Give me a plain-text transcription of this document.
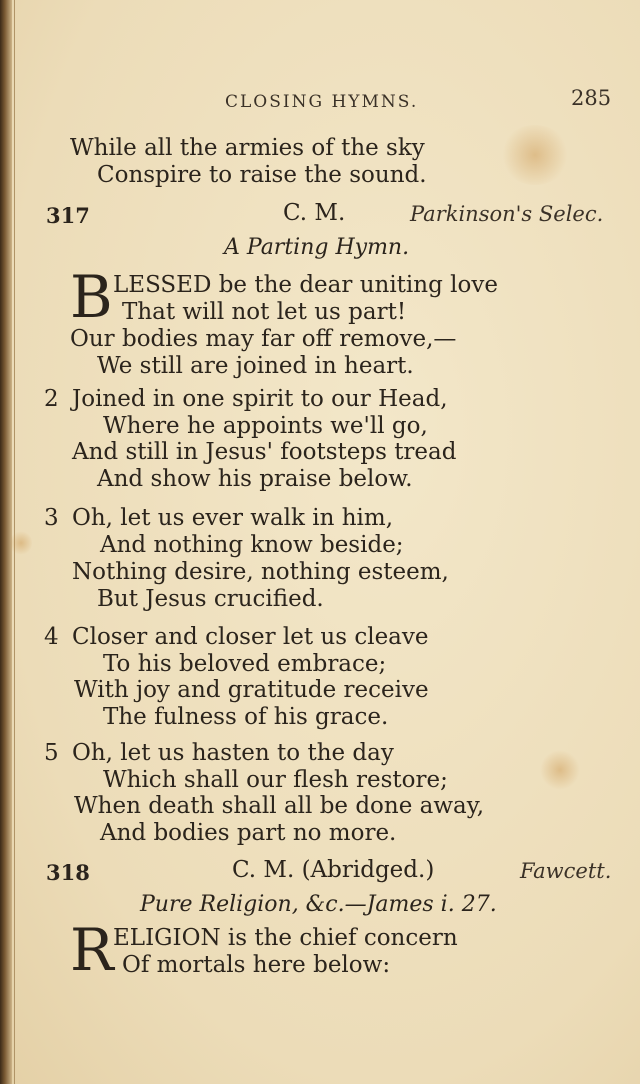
CLOSING HYMNS.	285
While all the armies of the sky
Conspire to raise the sound.
317	C. M.	Parkinson's Selec.
A Parting Hymn.
B LESSED be the dear uniting love
That will not let us part!
Our bodies may far off remove,—
We still are joined in heart.
2 Joined in one spirit to our Head,
Where he appoints we'll go,
And still in Jesus' footsteps tread
And show his praise below.
3 Oh, let us ever walk in him,
And nothing know beside;
Nothing desire, nothing esteem,
But Jesus crucified.
4 Closer and closer let us cleave
To his beloved embrace;
With joy and gratitude receive
The fulness of his grace.
5 Oh, let us hasten to the day
Which shall our flesh restore;
When death shall all be done away,
And bodies part no more.
318	C. M. (Abridged.)	Fawcett.
Pure Religion, &c.—James i. 27.
R ELIGION is the chief concern
Of mortals here below:
